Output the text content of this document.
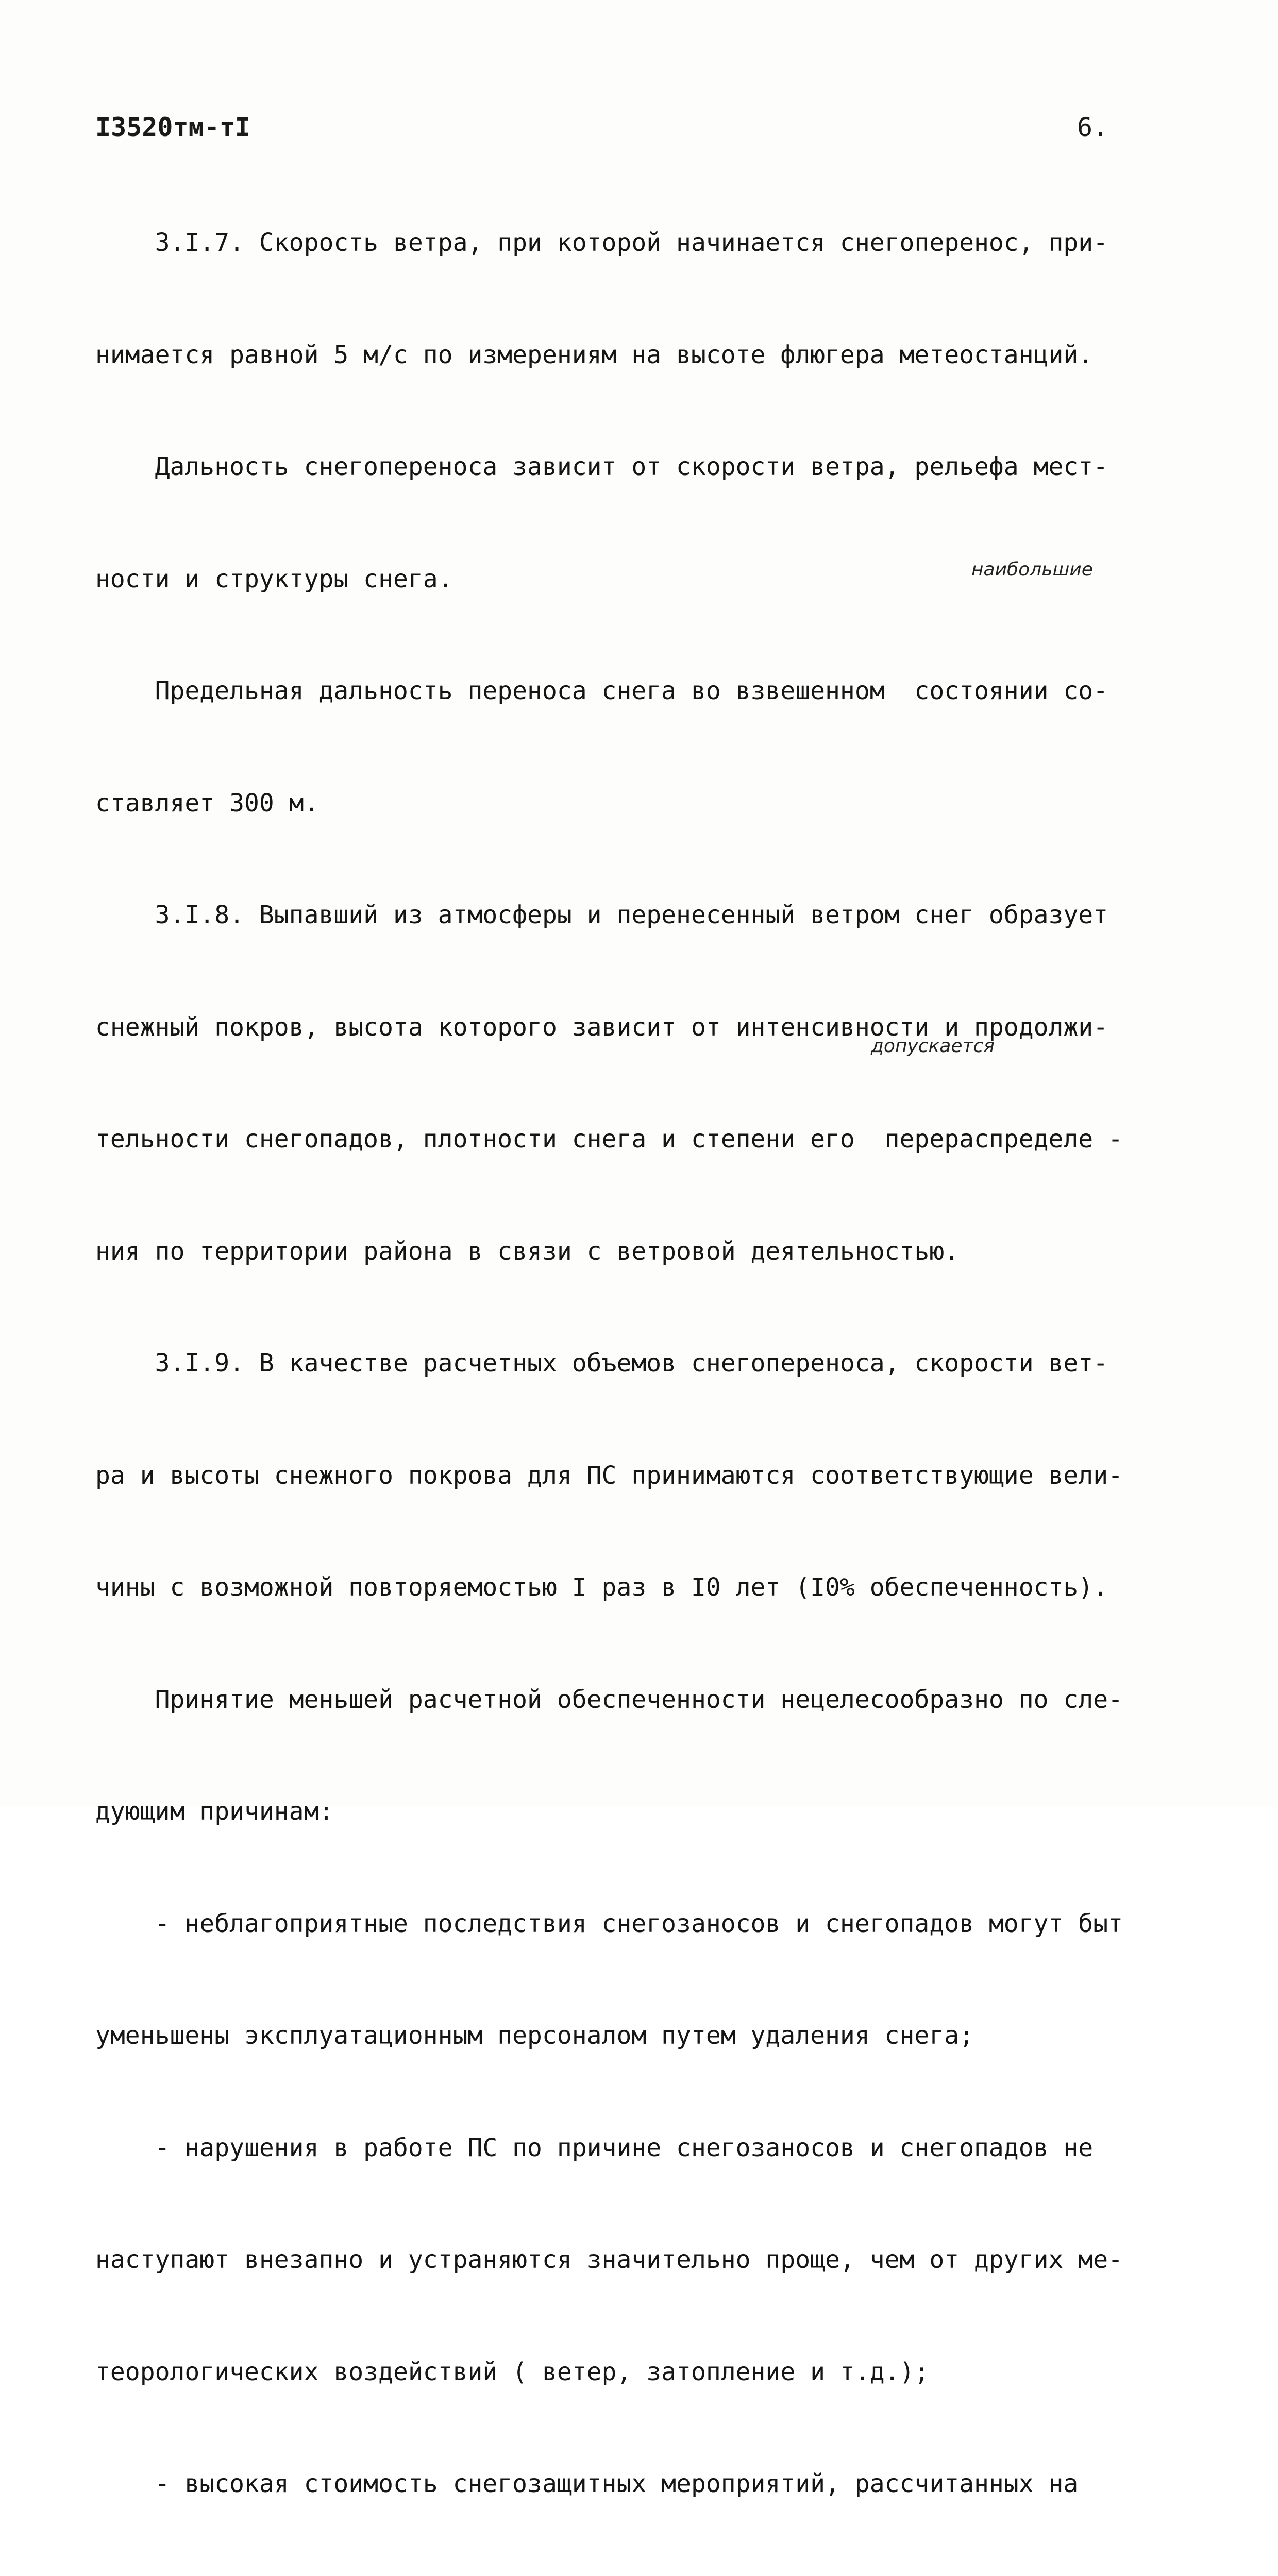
I3520тм-тI	6.

3.I.7. Скорость ветра, при которой начинается снегоперенос, при-

нимается равной 5 м/с по измерениям на высоте флюгера метеостанций.

Дальность снегопереноса зависит от скорости ветра, рельефа мест-

ности и структуры снега.

Предельная дальность переноса снега во взвешенном  состоянии со-

ставляет 300 м.

3.I.8. Выпавший из атмосферы и перенесенный ветром снег образует

снежный покров, высота которого зависит от интенсивности и продолжи-

тельности снегопадов, плотности снега и степени его  перераспределе -

ния по территории района в связи с ветровой деятельностью.

3.I.9. В качестве расчетных объемов снегопереноса, скорости вет-

ра и высоты снежного покрова для ПС принимаются соответствующие вели-

чины с возможной повторяемостью I раз в I0 лет (I0% обеспеченность).

Принятие меньшей расчетной обеспеченности нецелесообразно по сле-

дующим причинам:

- неблагоприятные последствия снегозаносов и снегопадов могут быт

уменьшены эксплуатационным персоналом путем удаления снега;

- нарушения в работе ПС по причине снегозаносов и снегопадов не

наступают внезапно и устраняются значительно проще, чем от других ме-

теорологических воздействий ( ветер, затопление и т.д.);

- высокая стоимость снегозащитных мероприятий, рассчитанных на

наибольшие
допускается
